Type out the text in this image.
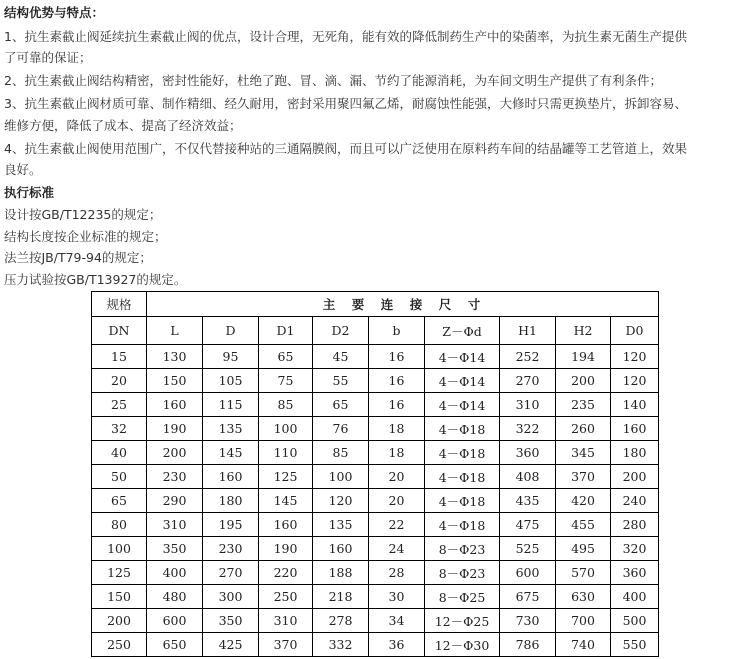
结构优势与特点：
1、抗生素截止阀延续抗生素截止阀的优点，设计合理，无死角，能有效的降低制药生产中的染菌率，为抗生素无菌生产提供
了可靠的保证；
2、抗生素截止阀结构精密，密封性能好，杜绝了跑、冒、滴、漏、节约了能源消耗，为车间文明生产提供了有利条件；
3、抗生素截止阀材质可靠、制作精细、经久耐用，密封采用聚四氟乙烯，耐腐蚀性能强，大修时只需更换垫片，拆卸容易、
维修方便，降低了成本、提高了经济效益；
4、抗生素截止阀使用范围广，不仅代替接种站的三通隔膜阀，而且可以广泛使用在原料药车间的结晶罐等工艺管道上，效果
良好。
执行标准
设计按GB/T12235的规定；
结构长度按企业标准的规定；
法兰按JB/T79-94的规定；
压力试验按GB/T13927的规定。
规格	主　要　连　接　尺　寸								
DN	L	D	D1	D2	b	Z－Φd	H1	H2	D0
15	130	95	65	45	16	4－Φ14	252	194	120
20	150	105	75	55	16	4－Φ14	270	200	120
25	160	115	85	65	16	4－Φ14	310	235	140
32	190	135	100	76	18	4－Φ18	322	260	160
40	200	145	110	85	18	4－Φ18	360	345	180
50	230	160	125	100	20	4－Φ18	408	370	200
65	290	180	145	120	20	4－Φ18	435	420	240
80	310	195	160	135	22	4－Φ18	475	455	280
100	350	230	190	160	24	8－Φ23	525	495	320
125	400	270	220	188	28	8－Φ23	600	570	360
150	480	300	250	218	30	8－Φ25	675	630	400
200	600	350	310	278	34	12－Φ25	730	700	500
250	650	425	370	332	36	12－Φ30	786	740	550
